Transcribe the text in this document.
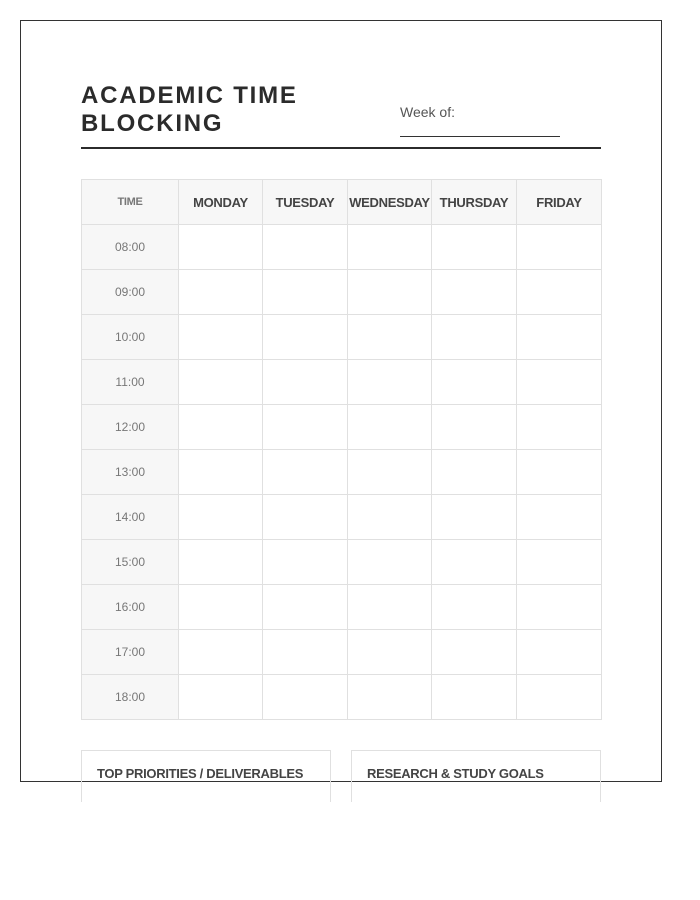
ACADEMIC TIME
BLOCKING	Week of:
TIME	MONDAY	TUESDAY	WEDNESDAY	THURSDAY	FRIDAY
08:00					
09:00					
10:00					
11:00					
12:00					
13:00					
14:00					
15:00					
16:00					
17:00					
18:00					
TOP PRIORITIES / DELIVERABLES	RESEARCH & STUDY GOALS
